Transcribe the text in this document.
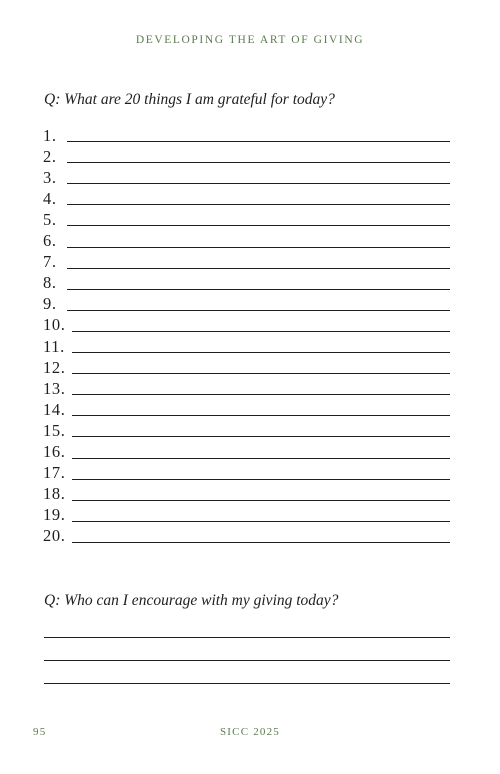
DEVELOPING THE ART OF GIVING
Q: What are 20 things I am grateful for today?
1.
2.
3.
4.
5.
6.
7.
8.
9.
10.
11.
12.
13.
14.
15.
16.
17.
18.
19.
20.
Q: Who can I encourage with my giving today?
95	SICC 2025
